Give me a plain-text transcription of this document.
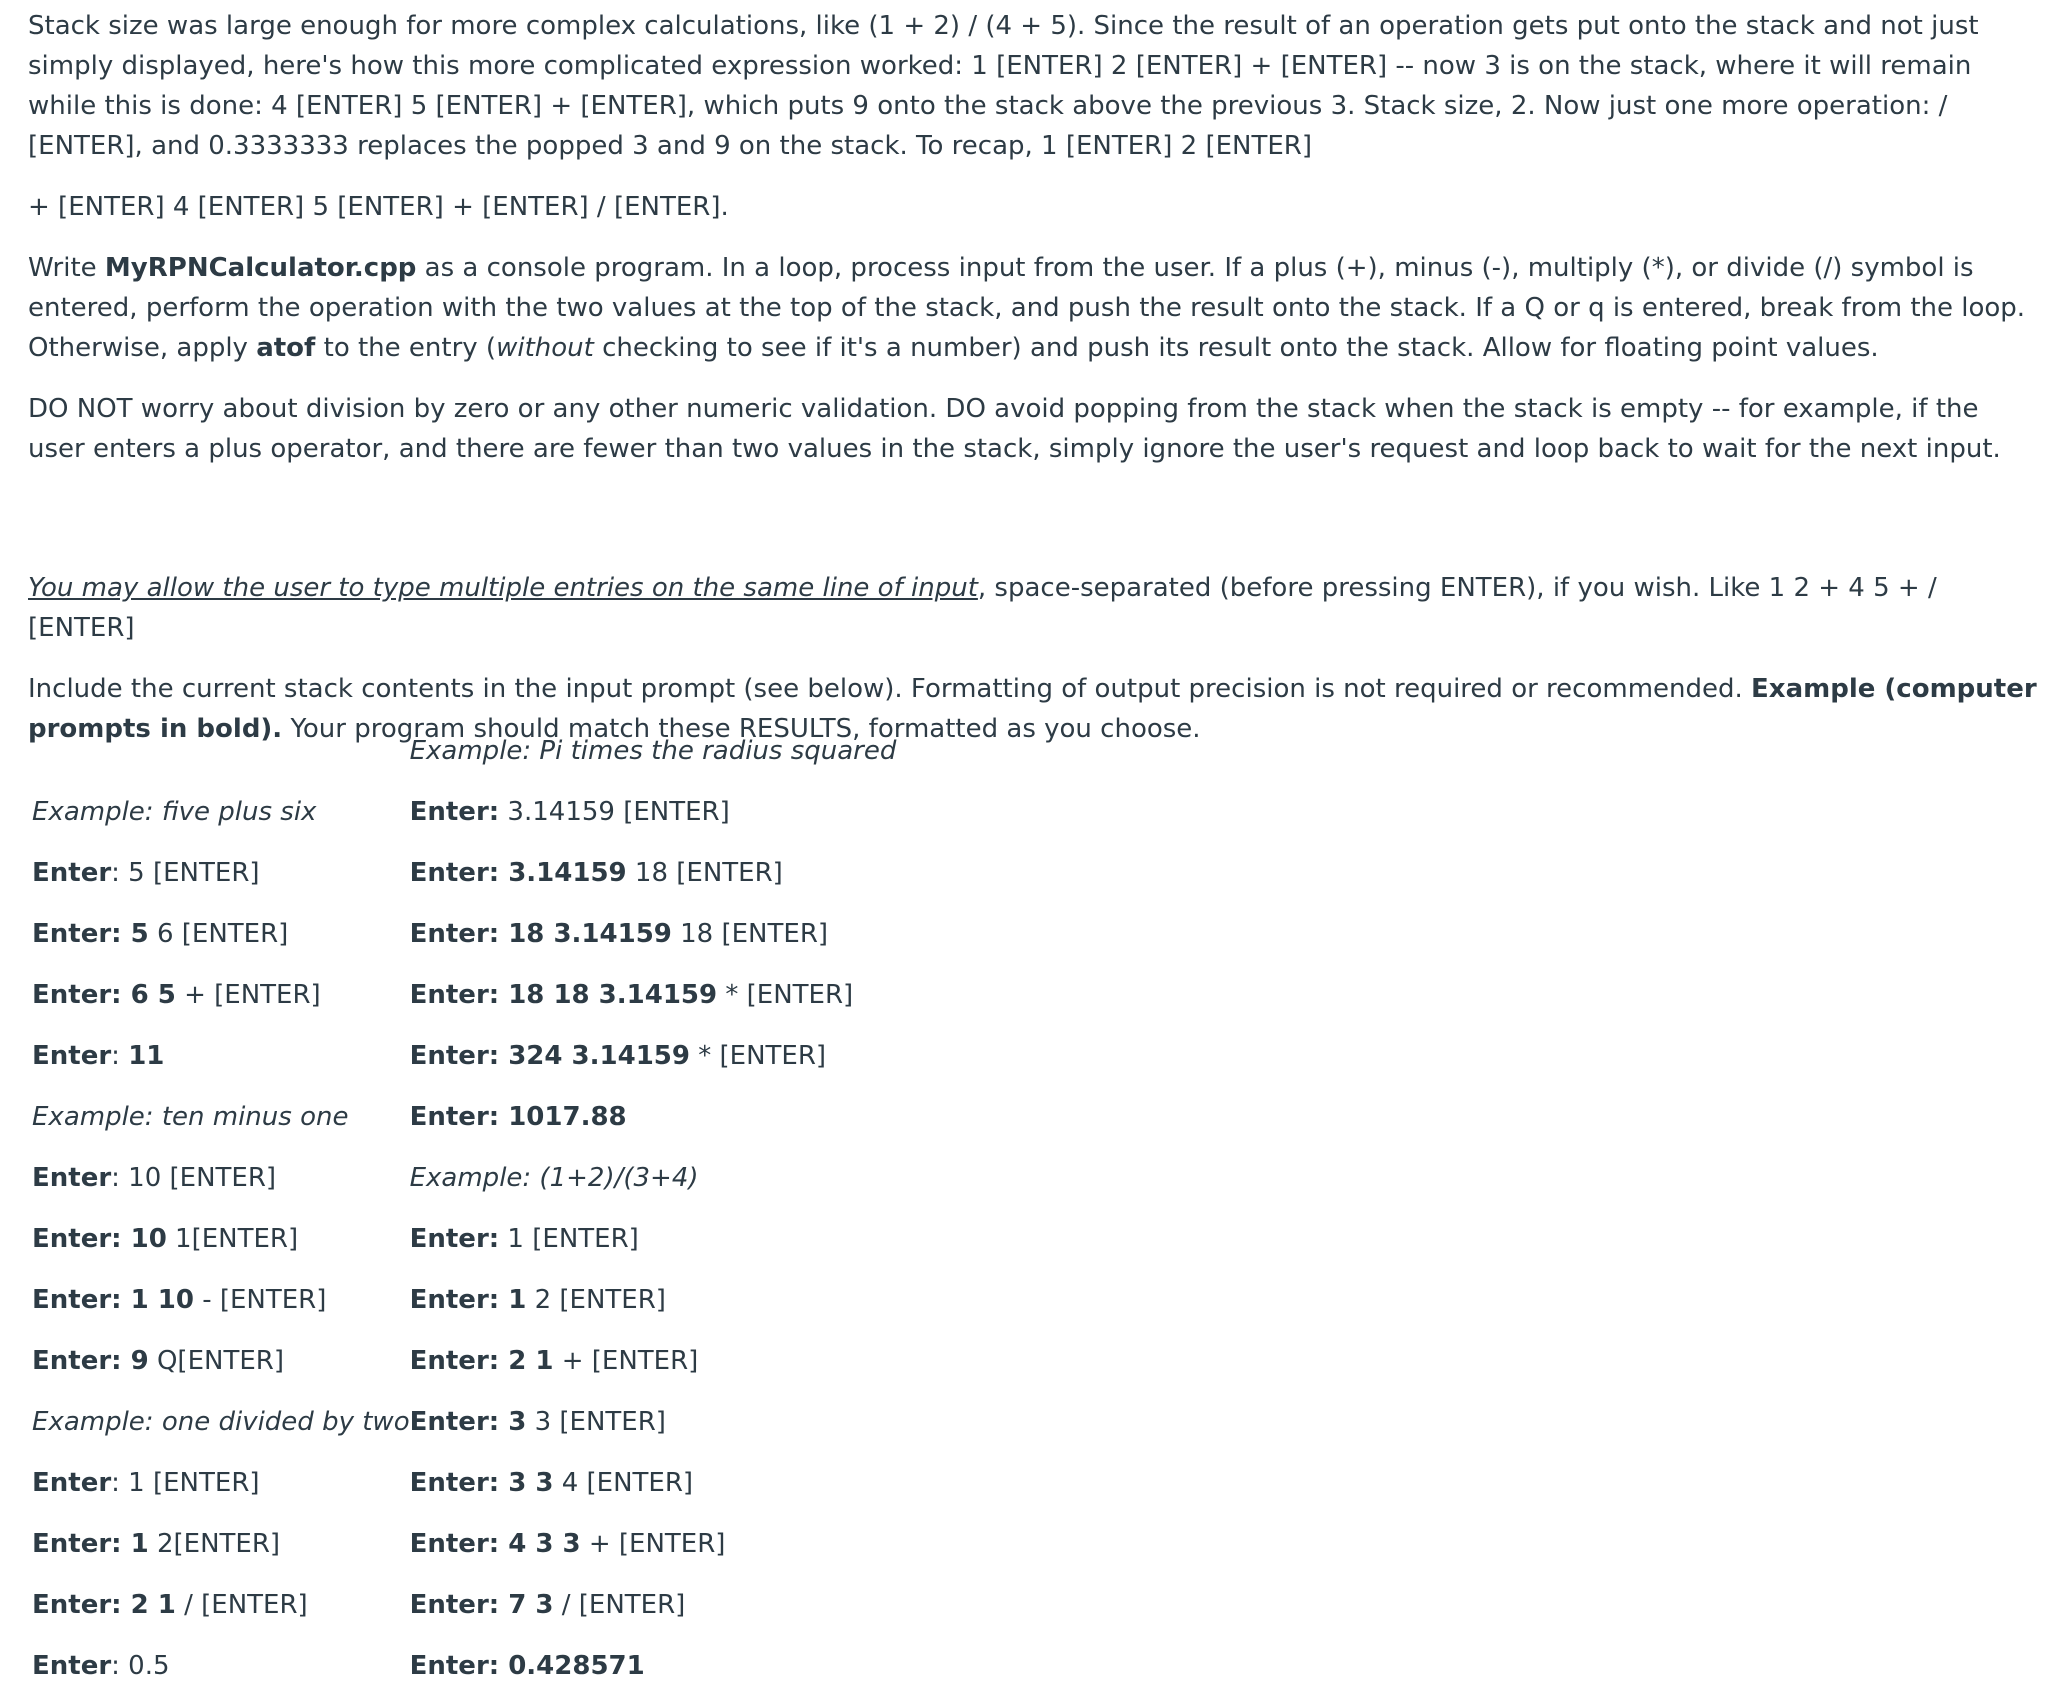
Stack size was large enough for more complex calculations, like (1 + 2) / (4 + 5). Since the result of an operation gets put onto the stack and not just simply displayed, here's how this more complicated expression worked: 1 [ENTER] 2 [ENTER] + [ENTER] -- now 3 is on the stack, where it will remain while this is done: 4 [ENTER] 5 [ENTER] + [ENTER], which puts 9 onto the stack above the previous 3. Stack size, 2. Now just one more operation: / [ENTER], and 0.3333333 replaces the popped 3 and 9 on the stack. To recap, 1 [ENTER] 2 [ENTER]

+ [ENTER] 4 [ENTER] 5 [ENTER] + [ENTER] / [ENTER].

Write MyRPNCalculator.cpp as a console program. In a loop, process input from the user. If a plus (+), minus (-), multiply (*), or divide (/) symbol is entered, perform the operation with the two values at the top of the stack, and push the result onto the stack. If a Q or q is entered, break from the loop. Otherwise, apply atof to the entry (without checking to see if it's a number) and push its result onto the stack. Allow for floating point values.

DO NOT worry about division by zero or any other numeric validation. DO avoid popping from the stack when the stack is empty -- for example, if the user enters a plus operator, and there are fewer than two values in the stack, simply ignore the user's request and loop back to wait for the next input.

You may allow the user to type multiple entries on the same line of input, space-separated (before pressing ENTER), if you wish. Like 1 2 + 4 5 + / [ENTER]

Include the current stack contents in the input prompt (see below). Formatting of output precision is not required or recommended. Example (computer prompts in bold). Your program should match these RESULTS, formatted as you choose.

	Example: Pi times the radius squared
Example: five plus six	Enter: 3.14159 [ENTER]
Enter: 5 [ENTER]	Enter: 3.14159 18 [ENTER]
Enter: 5 6 [ENTER]	Enter: 18 3.14159 18 [ENTER]
Enter: 6 5 + [ENTER]	Enter: 18 18 3.14159 * [ENTER]
Enter: 11	Enter: 324 3.14159 * [ENTER]
Example: ten minus one	Enter: 1017.88
Enter: 10 [ENTER]	Example: (1+2)/(3+4)
Enter: 10 1[ENTER]	Enter: 1 [ENTER]
Enter: 1 10 - [ENTER]	Enter: 1 2 [ENTER]
Enter: 9 Q[ENTER]	Enter: 2 1 + [ENTER]
Example: one divided by two	Enter: 3 3 [ENTER]
Enter: 1 [ENTER]	Enter: 3 3 4 [ENTER]
Enter: 1 2[ENTER]	Enter: 4 3 3 + [ENTER]
Enter: 2 1 / [ENTER]	Enter: 7 3 / [ENTER]
Enter: 0.5	Enter: 0.428571
